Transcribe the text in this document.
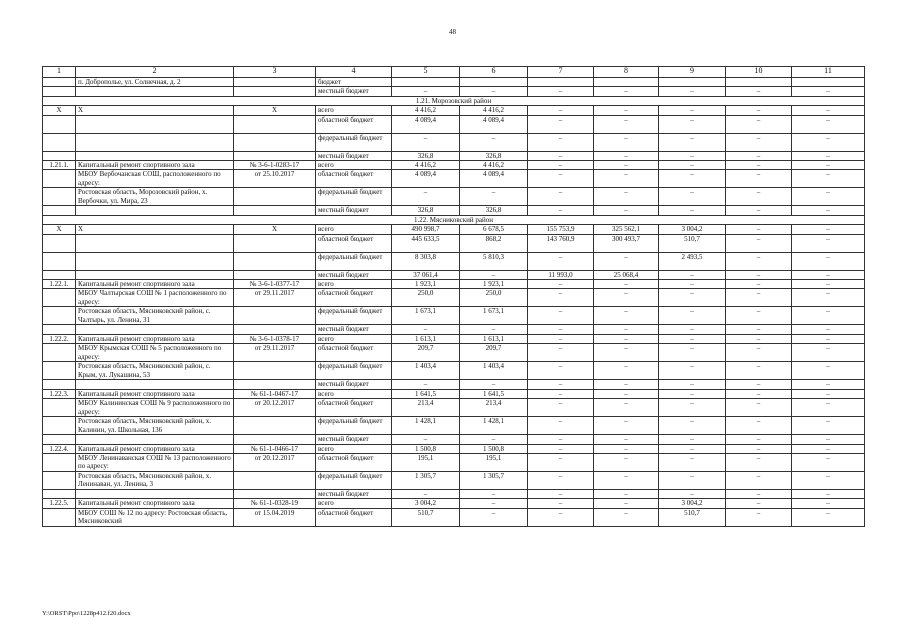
48
1	2	3	4	5	6	7	8	9	10	11
	п. Доброполье, ул. Солнечная, д. 2		бюджет							
			местный бюджет	–	–	–	–	–	–	–
1.21. Морозовский район										
X	X	X	всего	4 416,2	4 416,2	–	–	–	–	–
			областной бюджет	4 089,4	4 089,4	–	–	–	–	–
			федеральный бюджет	–	–	–	–	–	–	–
			местный бюджет	326,8	326,8	–	–	–	–	–
1.21.1.	Капитальный ремонт спортивного зала	№ 3-6-1-0283-17	всего	4 416,2	4 416,2	–	–	–	–	–
	МБОУ Вербочанская СОШ, расположенного по адресу:	от 25.10.2017	областной бюджет	4 089,4	4 089,4	–	–	–	–	–
	Ростовская область, Морозовский район, х. Вербочки, ул. Мира, 23		федеральный бюджет	–	–	–	–	–	–	–
			местный бюджет	326,8	326,8	–	–	–	–	–
1.22. Мясниковский район										
X	X	X	всего	490 998,7	6 678,5	155 753,9	325 562,1	3 004,2	–	–
			областной бюджет	445 633,5	868,2	143 760,9	300 493,7	510,7	–	–
			федеральный бюджет	8 303,8	5 810,3	–	–	2 493,5	–	–
			местный бюджет	37 061,4	–	11 993,0	25 068,4	–	–	–
1.22.1.	Капитальный ремонт спортивного зала	№ 3-6-1-0377-17	всего	1 923,1	1 923,1	–	–	–	–	–
	МБОУ Чалтырская СОШ № 1 расположенного по адресу:	от 29.11.2017	областной бюджет	250,0	250,0	–	–	–	–	–
	Ростовская область, Мясниковский район, с. Чалтырь, ул. Ленина, 31		федеральный бюджет	1 673,1	1 673,1	–	–	–	–	–
			местный бюджет	–	–	–	–	–	–	–
1.22.2.	Капитальный ремонт спортивного зала	№ 3-6-1-0378-17	всего	1 613,1	1 613,1	–	–	–	–	–
	МБОУ Крымская СОШ № 5 расположенного по адресу:	от 29.11.2017	областной бюджет	209,7	209,7	–	–	–	–	–
	Ростовская область, Мясниковский район, с. Крым, ул. Лукашина, 53		федеральный бюджет	1 403,4	1 403,4	–	–	–	–	–
			местный бюджет	–	–	–	–	–	–	–
1.22.3.	Капитальный ремонт спортивного зала	№ 61-1-0467-17	всего	1 641,5	1 641,5	–	–	–	–	–
	МБОУ Калининская СОШ № 9 расположенного по адресу:	от 20.12.2017	областной бюджет	213,4	213,4	–	–	–	–	–
	Ростовская область, Мясниковский район, х. Калинин, ул. Школьная, 136		федеральный бюджет	1 428,1	1 428,1	–	–	–	–	–
			местный бюджет	–	–	–	–	–	–	–
1.22.4.	Капитальный ремонт спортивного зала	№ 61-1-0466-17	всего	1 500,8	1 500,8	–	–	–	–	–
	МБОУ Ленинаванская СОШ № 13 расположенного по адресу:	от 20.12.2017	областной бюджет	195,1	195,1	–	–	–	–	–
	Ростовская область, Мясниковский район, х. Ленинаван, ул. Ленина, 3		федеральный бюджет	1 305,7	1 305,7	–	–	–	–	–
			местный бюджет	–	–	–	–	–	–	–
1.22.5.	Капитальный ремонт спортивного зала	№ 61-1-0328-19	всего	3 004,2	–	–	–	3 004,2	–	–
	МБОУ СОШ № 12 по адресу: Ростовская область, Мясниковский	от 15.04.2019	областной бюджет	510,7	–	–	–	510,7	–	–
Y:\ORST\Ppo\1228p412.f20.docx
